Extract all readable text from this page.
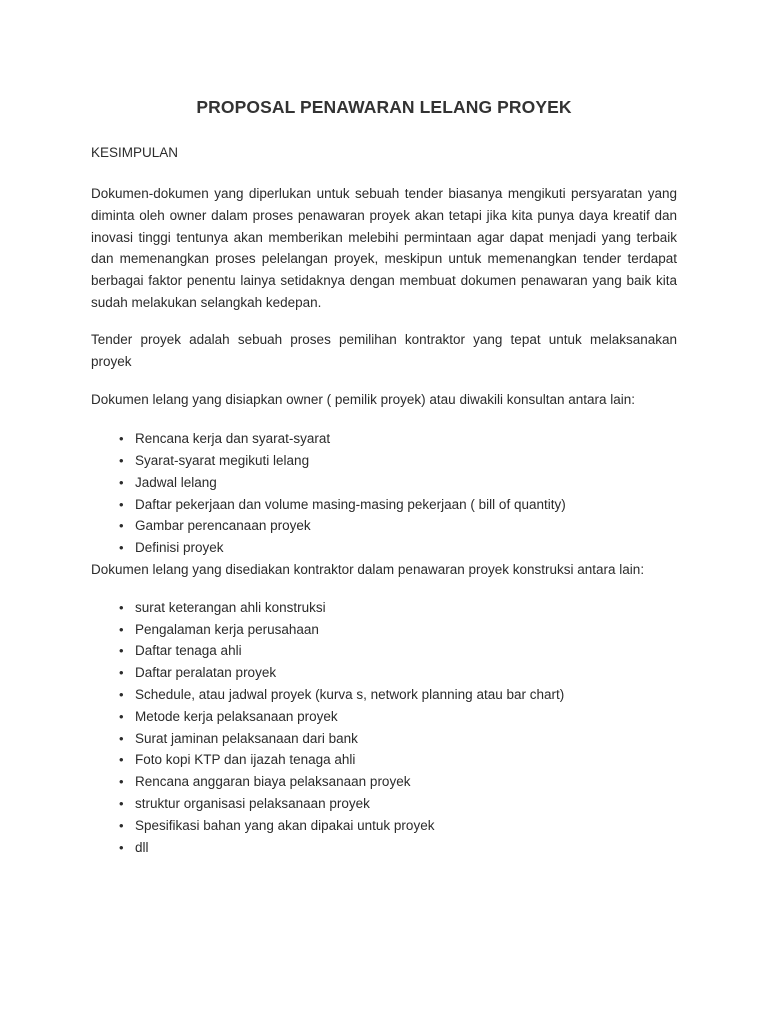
PROPOSAL PENAWARAN LELANG PROYEK

KESIMPULAN

Dokumen-dokumen yang diperlukan untuk sebuah tender biasanya mengikuti persyaratan yang diminta oleh owner dalam proses penawaran proyek akan tetapi jika kita punya daya kreatif dan inovasi tinggi tentunya akan memberikan melebihi permintaan agar dapat menjadi yang terbaik dan memenangkan proses pelelangan proyek, meskipun untuk memenangkan tender terdapat berbagai faktor penentu lainya setidaknya dengan membuat dokumen penawaran yang baik kita sudah melakukan selangkah kedepan.

Tender proyek adalah sebuah proses pemilihan kontraktor yang tepat untuk melaksanakan proyek

Dokumen lelang yang disiapkan owner ( pemilik proyek) atau diwakili konsultan antara lain:

• Rencana kerja dan syarat-syarat
• Syarat-syarat megikuti lelang
• Jadwal lelang
• Daftar pekerjaan dan volume masing-masing pekerjaan ( bill of quantity)
• Gambar perencanaan proyek
• Definisi proyek

Dokumen lelang yang disediakan kontraktor dalam penawaran proyek konstruksi antara lain:

• surat keterangan ahli konstruksi
• Pengalaman kerja perusahaan
• Daftar tenaga ahli
• Daftar peralatan proyek
• Schedule, atau jadwal proyek (kurva s, network planning atau bar chart)
• Metode kerja pelaksanaan proyek
• Surat jaminan pelaksanaan dari bank
• Foto kopi KTP dan ijazah tenaga ahli
• Rencana anggaran biaya pelaksanaan proyek
• struktur organisasi pelaksanaan proyek
• Spesifikasi bahan yang akan dipakai untuk proyek
• dll
